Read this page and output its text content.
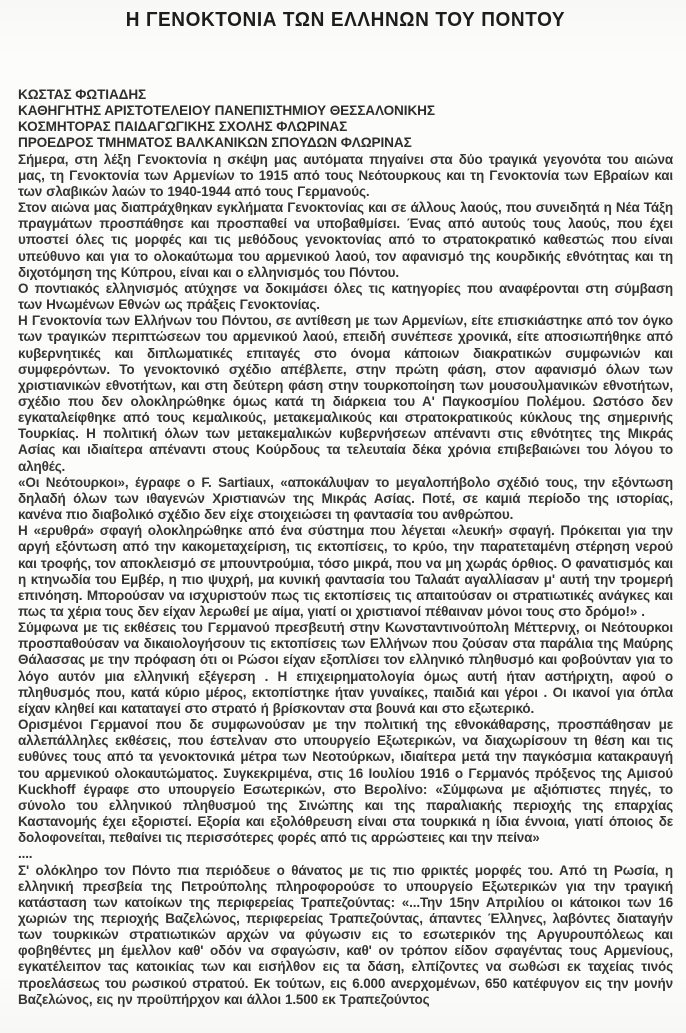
Η ΓΕΝΟΚΤΟΝΙΑ ΤΩΝ ΕΛΛΗΝΩΝ ΤΟΥ ΠΟΝΤΟΥ
ΚΩΣΤΑΣ ΦΩΤΙΑΔΗΣ
ΚΑΘΗΓΗΤΗΣ ΑΡΙΣΤΟΤΕΛΕΙΟΥ ΠΑΝΕΠΙΣΤΗΜΙΟΥ ΘΕΣΣΑΛΟΝΙΚΗΣ
ΚΟΣΜΗΤΟΡΑΣ ΠΑΙΔΑΓΩΓΙΚΗΣ ΣΧΟΛΗΣ ΦΛΩΡΙΝΑΣ
ΠΡΟΕΔΡΟΣ ΤΜΗΜΑΤΟΣ ΒΑΛΚΑΝΙΚΩΝ ΣΠΟΥΔΩΝ ΦΛΩΡΙΝΑΣ

Σήμερα, στη λέξη Γενοκτονία η σκέψη μας αυτόματα πηγαίνει στα δύο τραγικά γεγονότα του αιώνα μας, τη Γενοκτονία των Αρμενίων το 1915 από τους Νεότουρκους και τη Γενοκτονία των Εβραίων και των σλαβικών λαών το 1940-1944 από τους Γερμανούς.

Στον αιώνα μας διαπράχθηκαν εγκλήματα Γενοκτονίας και σε άλλους λαούς, που συνειδητά η Νέα Τάξη πραγμάτων προσπάθησε και προσπαθεί να υποβαθμίσει. Ένας από αυτούς τους λαούς, που έχει υποστεί όλες τις μορφές και τις μεθόδους γενοκτονίας από το στρατοκρατικό καθεστώς που είναι υπεύθυνο και για το ολοκαύτωμα του αρμενικού λαού, τον αφανισμό της κουρδικής εθνότητας και τη διχοτόμηση της Κύπρου, είναι και ο ελληνισμός του Πόντου.

Ο ποντιακός ελληνισμός ατύχησε να δοκιμάσει όλες τις κατηγορίες που αναφέρονται στη σύμβαση των Ηνωμένων Εθνών ως πράξεις Γενοκτονίας.

Η Γενοκτονία των Ελλήνων του Πόντου, σε αντίθεση με των Αρμενίων, είτε επισκιάστηκε από τον όγκο των τραγικών περιπτώσεων του αρμενικού λαού, επειδή συνέπεσε χρονικά, είτε αποσιωπήθηκε από κυβερνητικές και διπλωματικές επιταγές στο όνομα κάποιων διακρατικών συμφωνιών και συμφερόντων. Το γενοκτονικό σχέδιο απέβλεπε, στην πρώτη φάση, στον αφανισμό όλων των χριστιανικών εθνοτήτων, και στη δεύτερη φάση στην τουρκοποίηση των μουσουλμανικών εθνοτήτων, σχέδιο που δεν ολοκληρώθηκε όμως κατά τη διάρκεια του Α' Παγκοσμίου Πολέμου. Ωστόσο δεν εγκαταλείφθηκε από τους κεμαλικούς, μετακεμαλικούς και στρατοκρατικούς κύκλους της σημερινής Τουρκίας. Η πολιτική όλων των μετακεμαλικών κυβερνήσεων απέναντι στις εθνότητες της Μικράς Ασίας και ιδιαίτερα απέναντι στους Κούρδους τα τελευταία δέκα χρόνια επιβεβαιώνει του λόγου το αληθές.

«Οι Νεότουρκοι», έγραφε ο F. Sartiaux, «αποκάλυψαν το μεγαλοπήβολο σχέδιό τους, την εξόντωση δηλαδή όλων των ιθαγενών Χριστιανών της Μικράς Ασίας. Ποτέ, σε καμιά περίοδο της ιστορίας, κανένα πιο διαβολικό σχέδιο δεν είχε στοιχειώσει τη φαντασία του ανθρώπου.

Η «ερυθρά» σφαγή ολοκληρώθηκε από ένα σύστημα που λέγεται «λευκή» σφαγή. Πρόκειται για την αργή εξόντωση από την κακομεταχείριση, τις εκτοπίσεις, το κρύο, την παρατεταμένη στέρηση νερού και τροφής, τον αποκλεισμό σε μπουντρούμια, τόσο μικρά, που να μη χωράς όρθιος. Ο φανατισμός και η κτηνωδία του Εμβέρ, η πιο ψυχρή, μα κυνική φαντασία του Ταλαάτ αγαλλίασαν μ' αυτή την τρομερή επινόηση. Μπορούσαν να ισχυριστούν πως τις εκτοπίσεις τις απαιτούσαν οι στρατιωτικές ανάγκες και πως τα χέρια τους δεν είχαν λερωθεί με αίμα, γιατί οι χριστιανοί πέθαιναν μόνοι τους στο δρόμο!» .

Σύμφωνα με τις εκθέσεις του Γερμανού πρεσβευτή στην Κωνσταντινούπολη Μέττερνιχ, οι Νεότουρκοι προσπαθούσαν να δικαιολογήσουν τις εκτοπίσεις των Ελλήνων που ζούσαν στα παράλια της Μαύρης Θάλασσας με την πρόφαση ότι οι Ρώσοι είχαν εξοπλίσει τον ελληνικό πληθυσμό και φοβούνταν για το λόγο αυτόν μια ελληνική εξέγερση . Η επιχειρηματολογία όμως αυτή ήταν αστήριχτη, αφού ο πληθυσμός που, κατά κύριο μέρος, εκτοπίστηκε ήταν γυναίκες, παιδιά και γέροι . Οι ικανοί για όπλα είχαν κληθεί και καταταγεί στο στρατό ή βρίσκονταν στα βουνά και στο εξωτερικό.

Ορισμένοι Γερμανοί που δε συμφωνούσαν με την πολιτική της εθνοκάθαρσης, προσπάθησαν με αλλεπάλληλες εκθέσεις, που έστελναν στο υπουργείο Εξωτερικών, να διαχωρίσουν τη θέση και τις ευθύνες τους από τα γενοκτονικά μέτρα των Νεοτούρκων, ιδιαίτερα μετά την παγκόσμια κατακραυγή του αρμενικού ολοκαυτώματος. Συγκεκριμένα, στις 16 Ιουλίου 1916 ο Γερμανός πρόξενος της Αμισού Kuckhoff έγραφε στο υπουργείο Εσωτερικών, στο Βερολίνο: «Σύμφωνα με αξιόπιστες πηγές, το σύνολο του ελληνικού πληθυσμού της Σινώπης και της παραλιακής περιοχής της επαρχίας Καστανομής έχει εξοριστεί. Εξορία και εξολόθρευση είναι στα τουρκικά η ίδια έννοια, γιατί όποιος δε δολοφονείται, πεθαίνει τις περισσότερες φορές από τις αρρώστειες και την πείνα»

....

Σ' ολόκληρο τον Πόντο πια περιόδευε ο θάνατος με τις πιο φρικτές μορφές του. Από τη Ρωσία, η ελληνική πρεσβεία της Πετρούπολης πληροφορούσε το υπουργείο Εξωτερικών για την τραγική κατάσταση των κατοίκων της περιφερείας Τραπεζούντας: «...Την 15ην Απριλίου οι κάτοικοι των 16 χωριών της περιοχής Βαζελώνος, περιφερείας Τραπεζούντας, άπαντες Έλληνες, λαβόντες διαταγήν των τουρκικών στρατιωτικών αρχών να φύγωσιν εις το εσωτερικόν της Αργυρουπόλεως και φοβηθέντες μη έμελλον καθ' οδόν να σφαγώσιν, καθ' ον τρόπον είδον σφαγέντας τους Αρμενίους, εγκατέλειπον τας κατοικίας των και εισήλθον εις τα δάση, ελπίζοντες να σωθώσι εκ ταχείας τινός προελάσεως του ρωσικού στρατού. Εκ τούτων, εις 6.000 ανερχομένων, 650 κατέφυγον εις την μονήν Βαζελώνος, εις ην προϋπήρχον και άλλοι 1.500 εκ Τραπεζούντος
